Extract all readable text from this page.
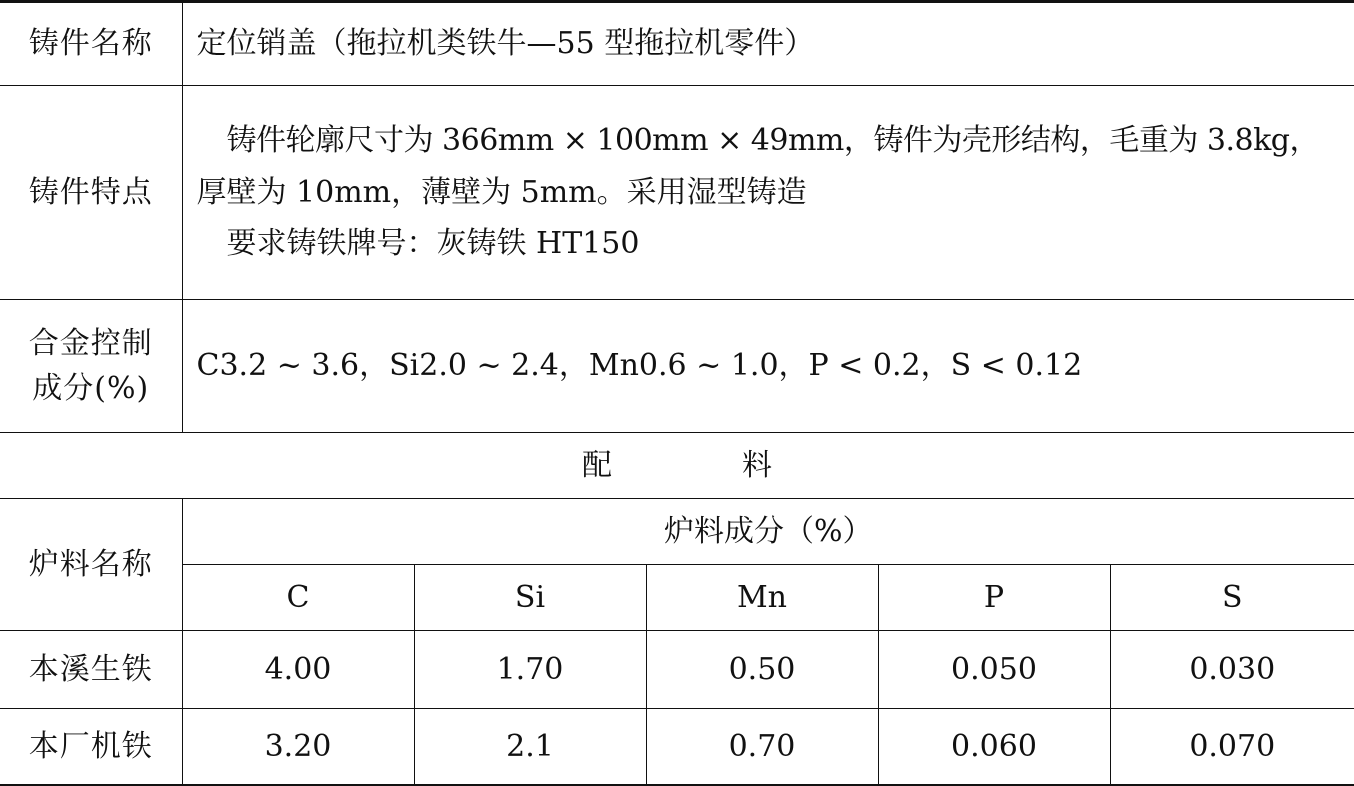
铸件名称	定位销盖（拖拉机类铁牛—55 型拖拉机零件）				
铸件特点	铸件轮廓尺寸为 366mm × 100mm × 49mm，铸件为壳形结构，毛重为 3.8kg，

厚壁为 10mm，薄壁为 5mm。采用湿型铸造

要求铸铁牌号：灰铸铁 HT150				

合金控制
成分(%)	C3.2 ~ 3.6，Si2.0 ~ 2.4，Mn0.6 ~ 1.0，P < 0.2，S < 0.12				
配料					
炉料名称	炉料成分（%）				
	C	Si	Mn	P	S
本溪生铁	4.00	1.70	0.50	0.050	0.030
本厂机铁	3.20	2.1	0.70	0.060	0.070
